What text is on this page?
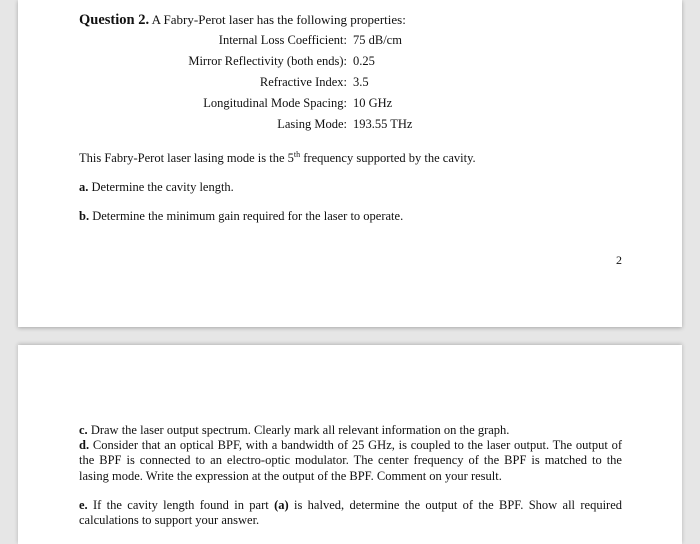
Question 2. A Fabry-Perot laser has the following properties:
Internal Loss Coefficient: 75 dB/cm
Mirror Reflectivity (both ends): 0.25
Refractive Index: 3.5
Longitudinal Mode Spacing: 10 GHz
Lasing Mode: 193.55 THz
This Fabry-Perot laser lasing mode is the 5th frequency supported by the cavity.
a. Determine the cavity length.
b. Determine the minimum gain required for the laser to operate.
2
c. Draw the laser output spectrum. Clearly mark all relevant information on the graph.
d. Consider that an optical BPF, with a bandwidth of 25 GHz, is coupled to the laser output. The output of the BPF is connected to an electro-optic modulator. The center frequency of the BPF is matched to the lasing mode. Write the expression at the output of the BPF. Comment on your result.
e. If the cavity length found in part (a) is halved, determine the output of the BPF. Show all required calculations to support your answer.
